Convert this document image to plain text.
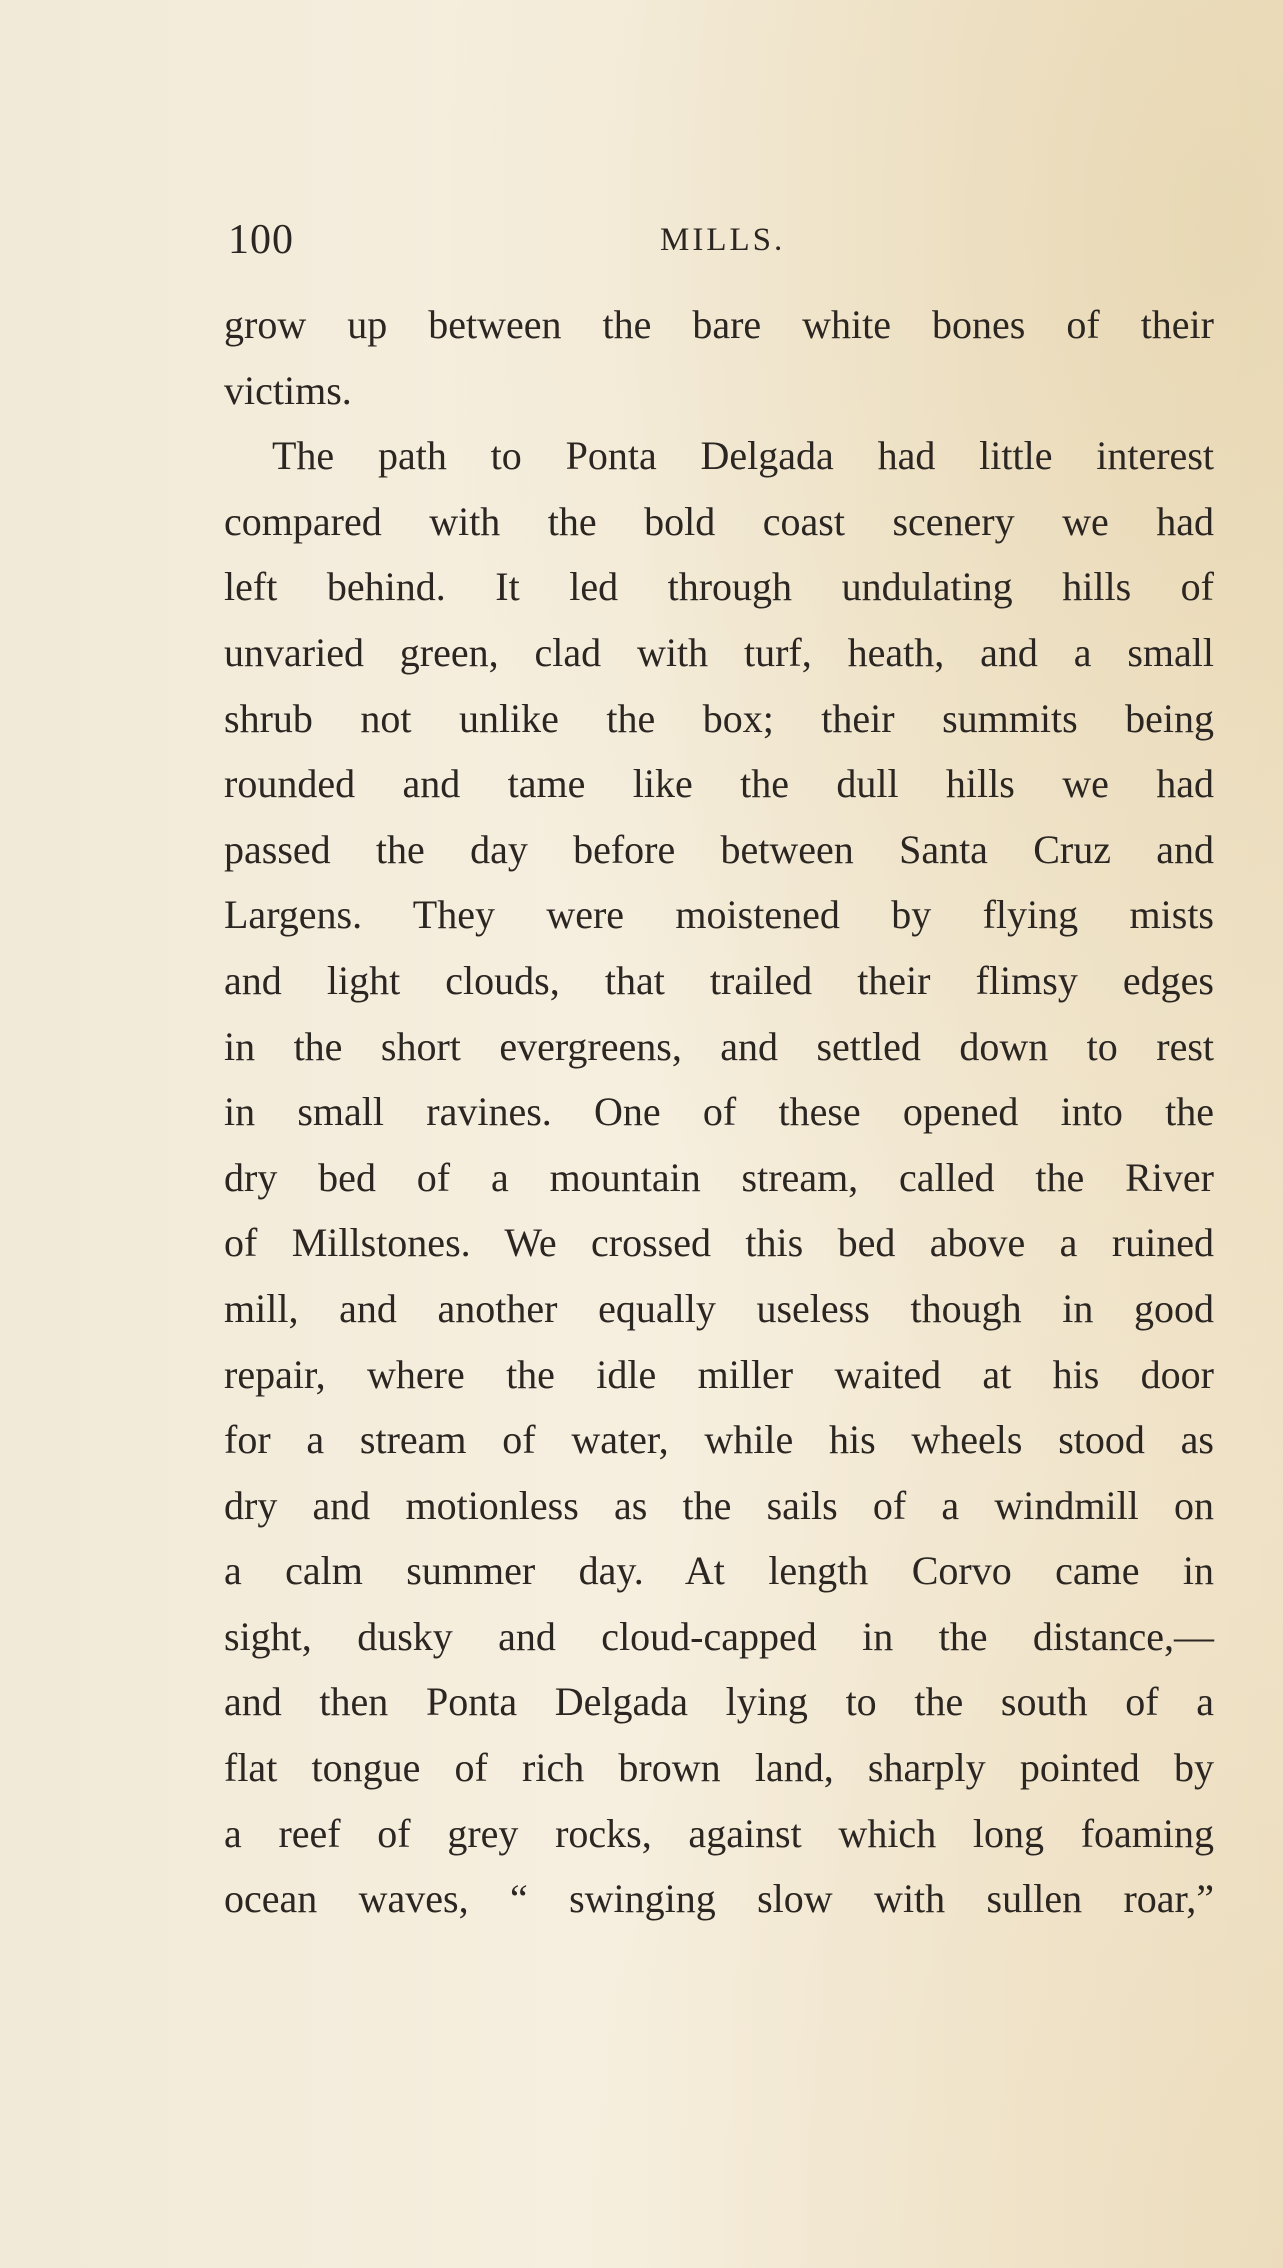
100	MILLS.
grow up between the bare white bones of their
victims.
The path to Ponta Delgada had little interest
compared with the bold coast scenery we had
left behind. It led through undulating hills of
unvaried green, clad with turf, heath, and a small
shrub not unlike the box; their summits being
rounded and tame like the dull hills we had
passed the day before between Santa Cruz and
Largens. They were moistened by flying mists
and light clouds, that trailed their flimsy edges
in the short evergreens, and settled down to rest
in small ravines. One of these opened into the
dry bed of a mountain stream, called the River
of Millstones. We crossed this bed above a ruined
mill, and another equally useless though in good
repair, where the idle miller waited at his door
for a stream of water, while his wheels stood as
dry and motionless as the sails of a windmill on
a calm summer day. At length Corvo came in
sight, dusky and cloud-capped in the distance,—
and then Ponta Delgada lying to the south of a
flat tongue of rich brown land, sharply pointed by
a reef of grey rocks, against which long foaming
ocean waves, “ swinging slow with sullen roar,”
